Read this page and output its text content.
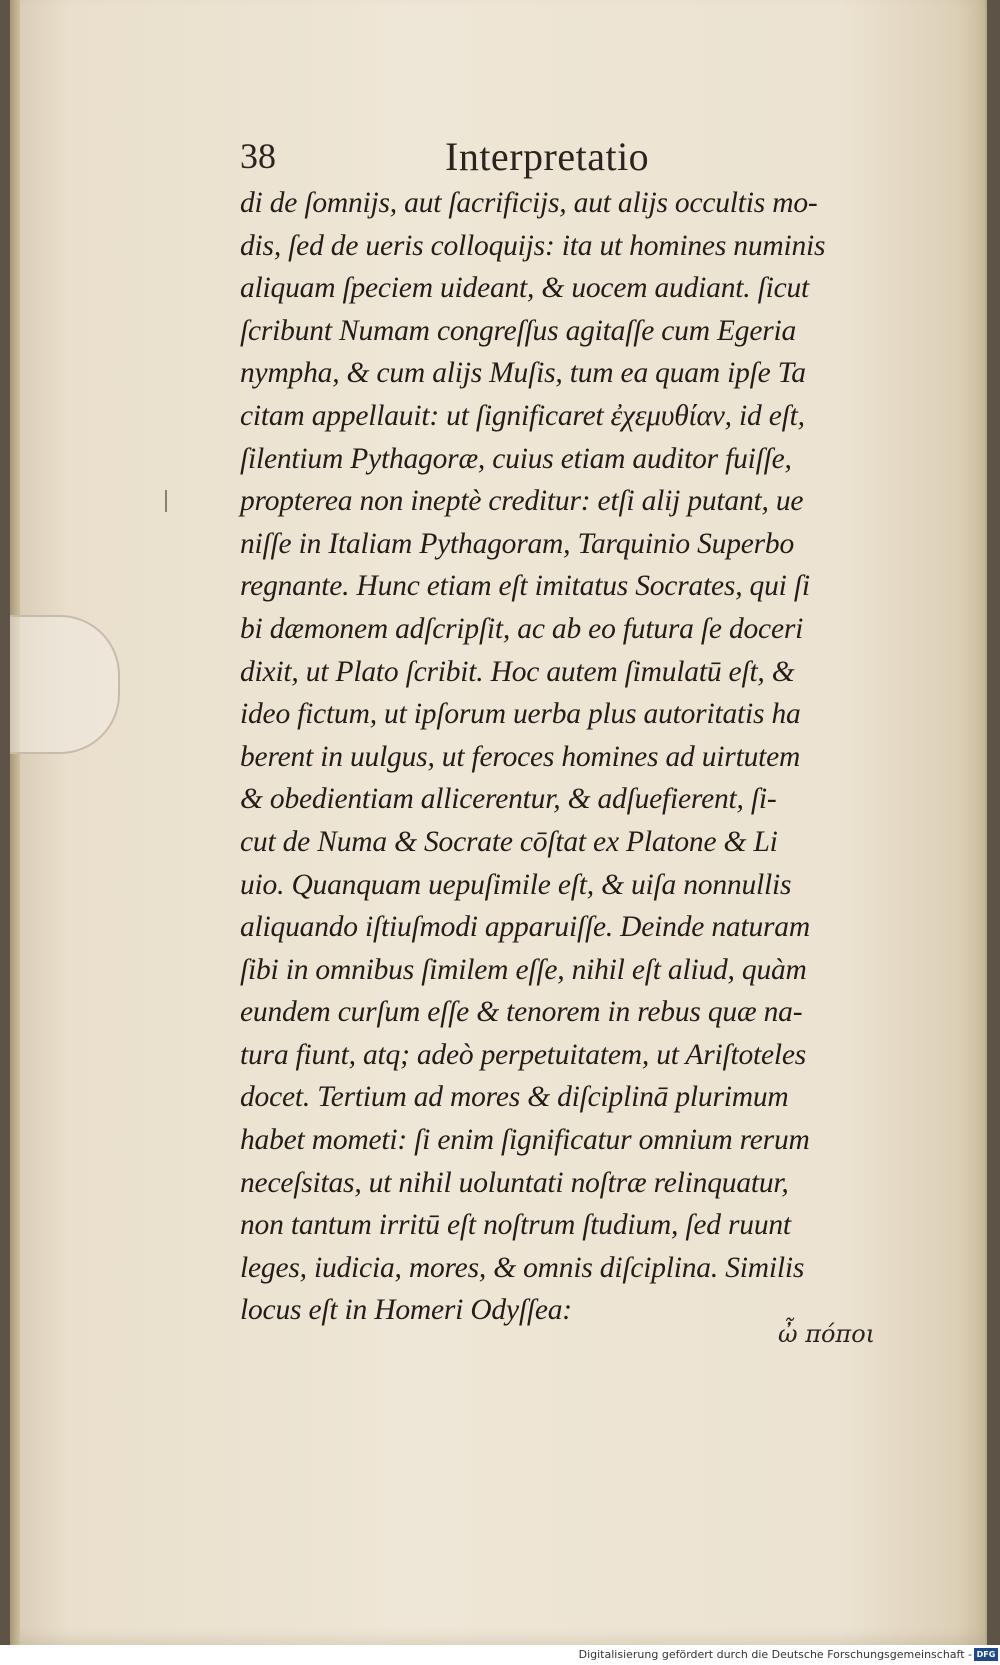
38	Interpretatio
di de ſomnijs, aut ſacrificijs, aut alijs occultis mo-
dis, ſed de ueris colloquijs: ita ut homines numinis
aliquam ſpeciem uideant, & uocem audiant. ſicut
ſcribunt Numam congreſſus agitaſſe cum Egeria
nympha, & cum alijs Muſis, tum ea quam ipſe Ta
citam appellauit: ut ſignificaret ἐχεμυθίαν, id eſt,
ſilentium Pythagoræ, cuius etiam auditor fuiſſe,
propterea non ineptè creditur: etſi alij putant, ue
niſſe in Italiam Pythagoram, Tarquinio Superbo
regnante. Hunc etiam eſt imitatus Socrates, qui ſi
bi dæmonem adſcripſit, ac ab eo futura ſe doceri
dixit, ut Plato ſcribit. Hoc autem ſimulatū eſt, &
ideo fictum, ut ipſorum uerba plus autoritatis ha
berent in uulgus, ut feroces homines ad uirtutem
& obedientiam allicerentur, & adſuefierent, ſi-
cut de Numa & Socrate cōſtat ex Platone & Li
uio. Quanquam uериſimile eſt, & uiſa nonnullis
aliquando iſtiuſmodi apparuiſſe. Deinde naturam
ſibi in omnibus ſimilem eſſe, nihil eſt aliud, quàm
eundem curſum eſſe & tenorem in rebus quæ na-
tura fiunt, atq; adeò perpetuitatem, ut Ariſtoteles
docet. Tertium ad mores & diſciplinā plurimum
habet mometi: ſi enim ſignificatur omnium rerum
neceſsitas, ut nihil uoluntati noſtræ relinquatur,
non tantum irritū eſt noſtrum ſtudium, ſed ruunt
leges, iudicia, mores, & omnis diſciplina. Similis
locus eſt in Homeri Odyſſea:
ὦ πόποι
Digitalisierung gefördert durch die Deutsche Forschungsgemeinschaft - DFG
